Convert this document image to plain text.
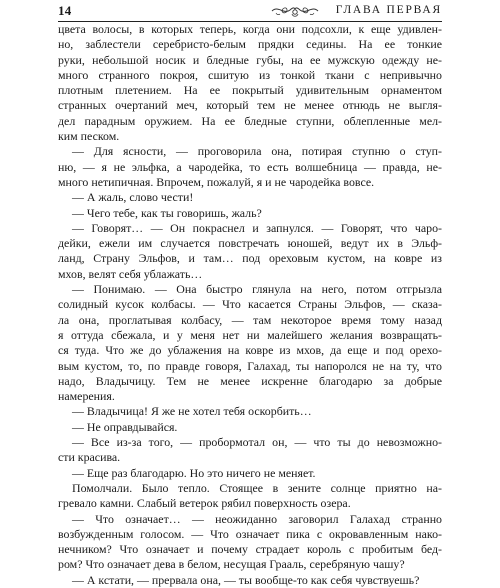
14	ГЛАВА ПЕРВАЯ
цвета волосы, в которых теперь, когда они подсохли, к еще удивлен-
но, заблестели серебристо-белым прядки седины. На ее тонкие
руки, небольшой носик и бледные губы, на ее мужскую одежду не-
много странного покроя, сшитую из тонкой ткани с непривычно
плотным плетением. На ее покрытый удивительным орнаментом
странных очертаний меч, который тем не менее отнюдь не выгля-
дел парадным оружием. На ее бледные ступни, облепленные мел-
ким песком.
— Для ясности, — проговорила она, потирая ступню о ступ-
ню, — я не эльфка, а чародейка, то есть волшебница — правда, не-
много нетипичная. Впрочем, пожалуй, я и не чародейка вовсе.
— А жаль, слово чести!
— Чего тебе, как ты говоришь, жаль?
— Говорят… — Он покраснел и запнулся. — Говорят, что чаро-
дейки, ежели им случается повстречать юношей, ведут их в Эльф-
ланд, Страну Эльфов, и там… под ореховым кустом, на ковре из
мхов, велят себя ублажать…
— Понимаю. — Она быстро глянула на него, потом отгрызла
солидный кусок колбасы. — Что касается Страны Эльфов, — сказа-
ла она, проглатывая колбасу, — там некоторое время тому назад
я оттуда сбежала, и у меня нет ни малейшего желания возвращать-
ся туда. Что же до ублажения на ковре из мхов, да еще и под орехо-
вым кустом, то, по правде говоря, Галахад, ты напоролся не на ту, что
надо, Владычицу. Тем не менее искренне благодарю за добрые
намерения.
— Владычица! Я же не хотел тебя оскорбить…
— Не оправдывайся.
— Все из-за того, — пробормотал он, — что ты до невозможно-
сти красива.
— Еще раз благодарю. Но это ничего не меняет.
Помолчали. Было тепло. Стоящее в зените солнце приятно на-
гревало камни. Слабый ветерок рябил поверхность озера.
— Что означает… — неожиданно заговорил Галахад странно
возбужденным голосом. — Что означает пика с окровавленным нако-
нечником? Что означает и почему страдает король с пробитым бед-
ром? Что означает дева в белом, несущая Грааль, серебряную чашу?
— А кстати, — прервала она, — ты вообще-то как себя чувствуешь?
